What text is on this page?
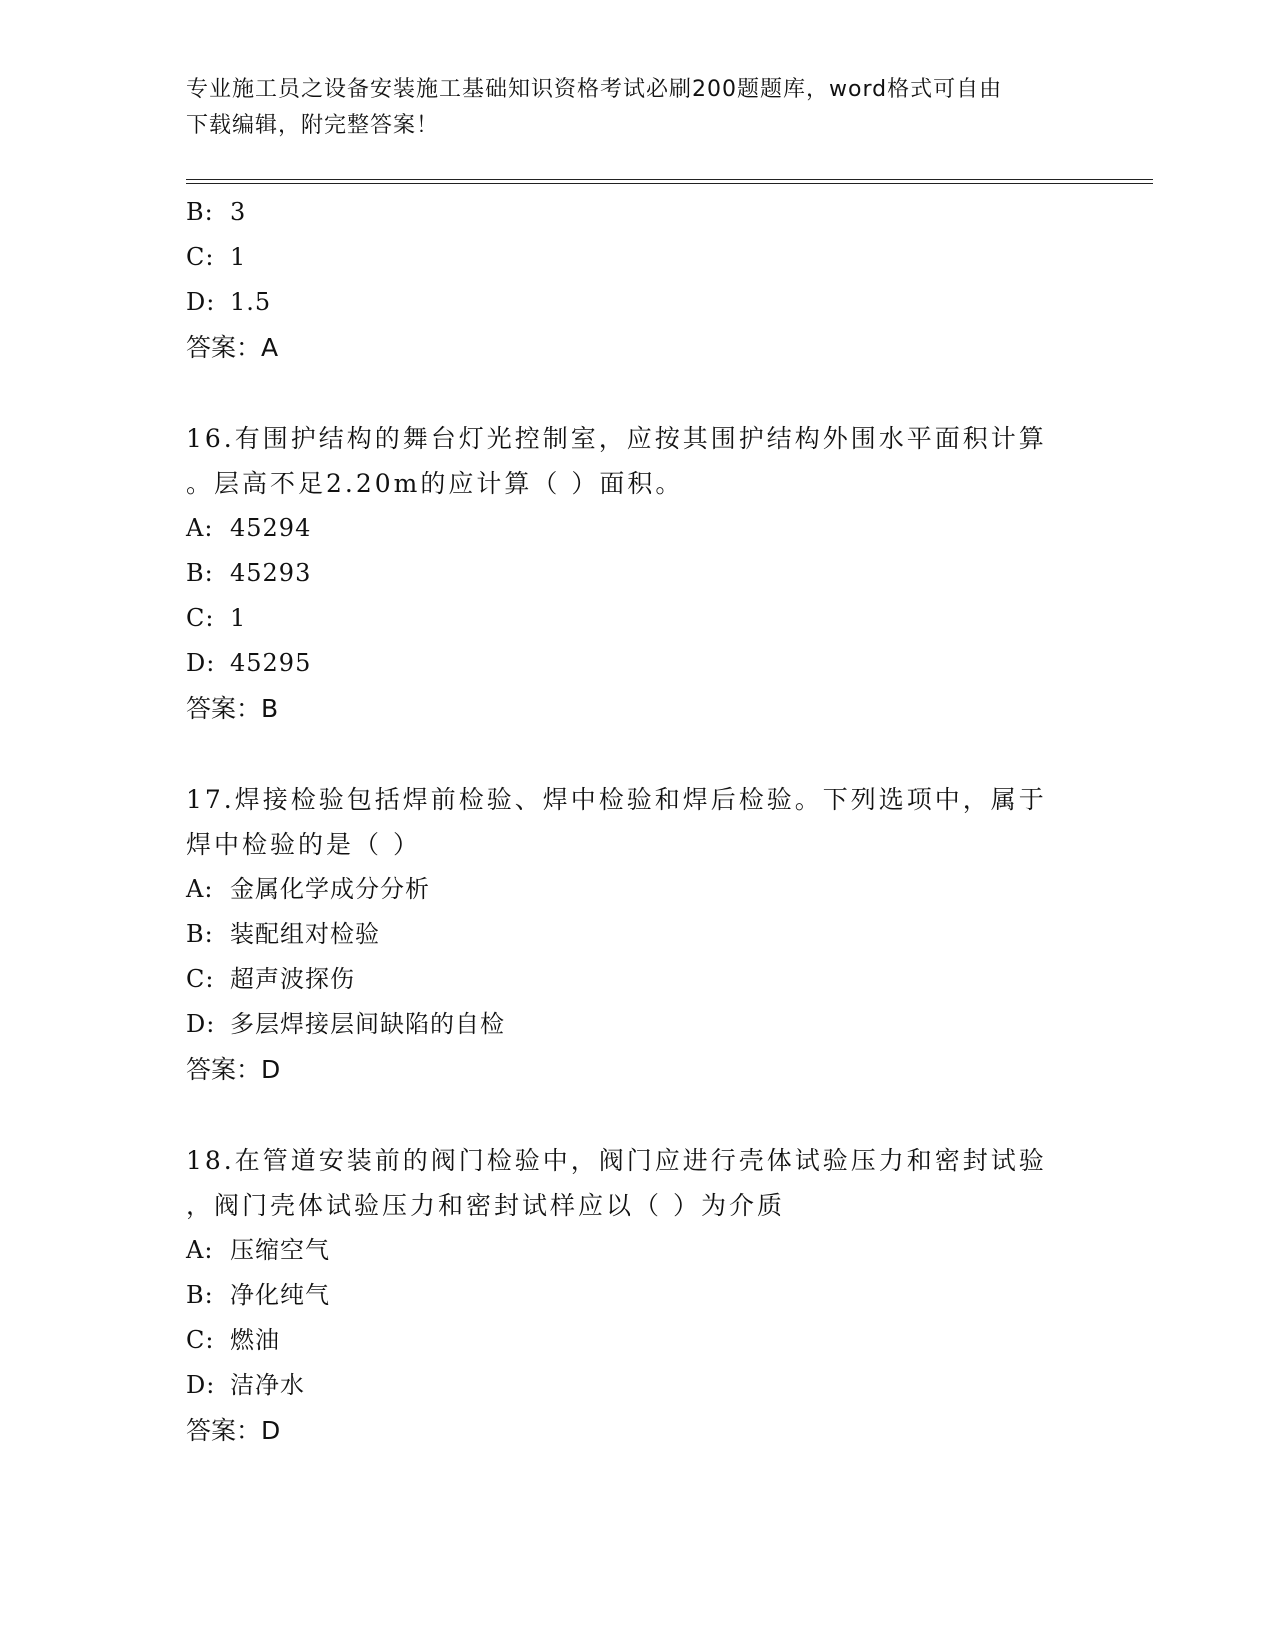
专业施工员之设备安装施工基础知识资格考试必刷200题题库，word格式可自由
下载编辑，附完整答案！
B: 3
C: 1
D: 1.5
答案：A
16.有围护结构的舞台灯光控制室，应按其围护结构外围水平面积计算
。层高不足2.20m的应计算（ ）面积。
A: 45294
B: 45293
C: 1
D: 45295
答案：B
17.焊接检验包括焊前检验、焊中检验和焊后检验。下列选项中，属于
焊中检验的是（ ）
A: 金属化学成分分析
B: 装配组对检验
C: 超声波探伤
D: 多层焊接层间缺陷的自检
答案：D
18.在管道安装前的阀门检验中，阀门应进行壳体试验压力和密封试验
，阀门壳体试验压力和密封试样应以（ ）为介质
A: 压缩空气
B: 净化纯气
C: 燃油
D: 洁净水
答案：D
